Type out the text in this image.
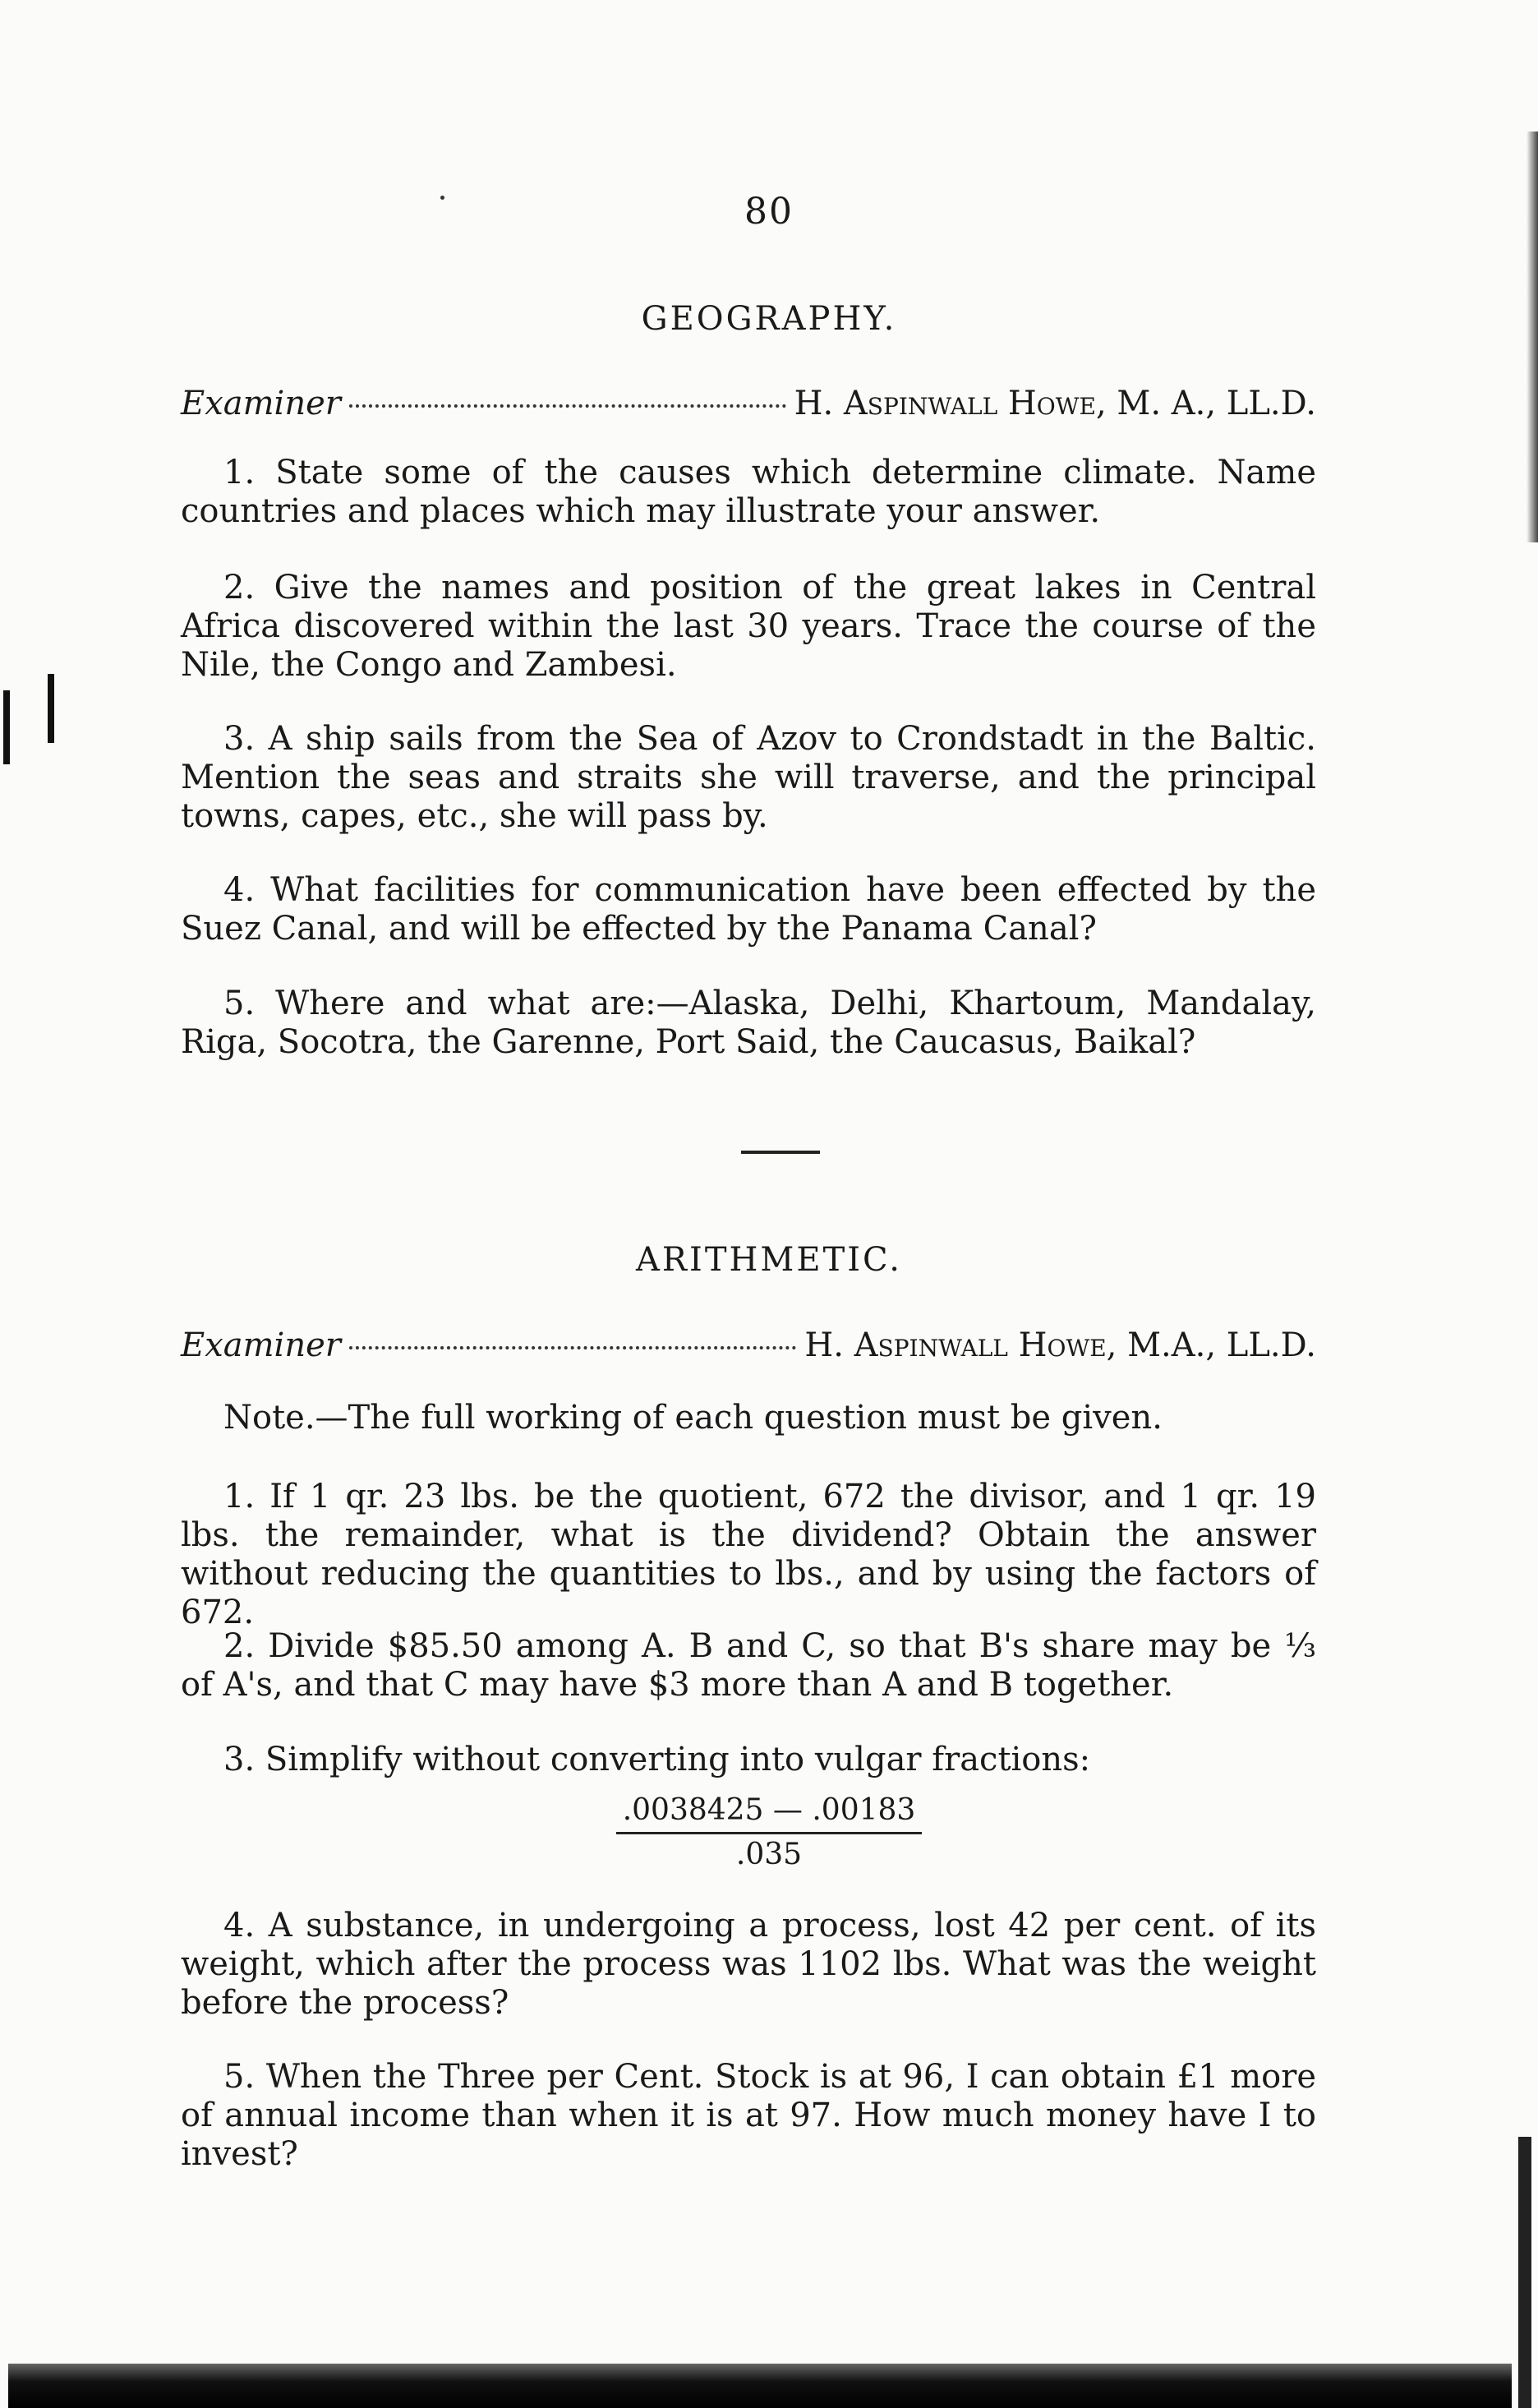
80
GEOGRAPHY.
Examiner	H. Aspinwall Howe, M. A., LL.D.

1. State some of the causes which determine climate. Name countries and places which may illustrate your answer.

2. Give the names and position of the great lakes in Central Africa discovered within the last 30 years. Trace the course of the Nile, the Congo and Zambesi.

3. A ship sails from the Sea of Azov to Crondstadt in the Baltic. Mention the seas and straits she will traverse, and the principal towns, capes, etc., she will pass by.

4. What facilities for communication have been effected by the Suez Canal, and will be effected by the Panama Canal?

5. Where and what are:—Alaska, Delhi, Khartoum, Mandalay, Riga, Socotra, the Garenne, Port Said, the Caucasus, Baikal?

ARITHMETIC.
Examiner	H. Aspinwall Howe, M.A., LL.D.

Note.—The full working of each question must be given.

1. If 1 qr. 23 lbs. be the quotient, 672 the divisor, and 1 qr. 19 lbs. the remainder, what is the dividend? Obtain the answer without reducing the quantities to lbs., and by using the factors of 672.

2. Divide $85.50 among A. B and C, so that B's share may be ⅓ of A's, and that C may have $3 more than A and B together.

3. Simplify without converting into vulgar fractions:

$\frac{.0038425 — .00183}{.035}$

4. A substance, in undergoing a process, lost 42 per cent. of its weight, which after the process was 1102 lbs. What was the weight before the process?

5. When the Three per Cent. Stock is at 96, I can obtain £1 more of annual income than when it is at 97. How much money have I to invest?
